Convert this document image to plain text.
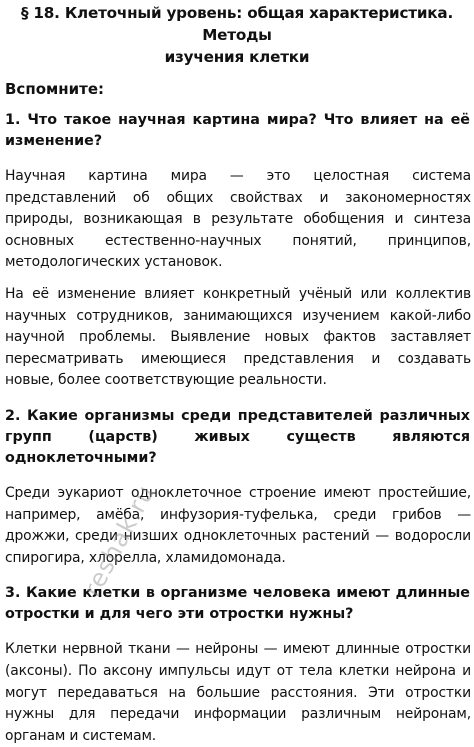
§ 18. Клеточный уровень: общая характеристика. Методы
изучения клетки
Вспомните:
1. Что такое научная картина мира? Что влияет на её изменение?
Научная картина мира — это целостная система представлений об общих свойствах и закономерностях природы, возникающая в результате обобщения и синтеза основных естественно-научных понятий, принципов, методологических установок.
На её изменение влияет конкретный учёный или коллектив научных сотрудников, занимающихся изучением какой-либо научной проблемы. Выявление новых фактов заставляет пересматривать имеющиеся представления и создавать новые, более соответствующие реальности.
2. Какие организмы среди представителей различных групп (царств) живых существ являются одноклеточными?
Среди эукариот одноклеточное строение имеют простейшие, например, амёба, инфузория-туфелька, среди грибов — дрожжи, среди низших одноклеточных растений — водоросли спирогира, хлорелла, хламидомонада.
3. Какие клетки в организме человека имеют длинные отростки и для чего эти отростки нужны?
Клетки нервной ткани — нейроны — имеют длинные отростки (аксоны). По аксону импульсы идут от тела клетки нейрона и могут передаваться на большие расстояния. Эти отростки нужны для передачи информации различным нейронам, органам и системам.
reshak.ru
